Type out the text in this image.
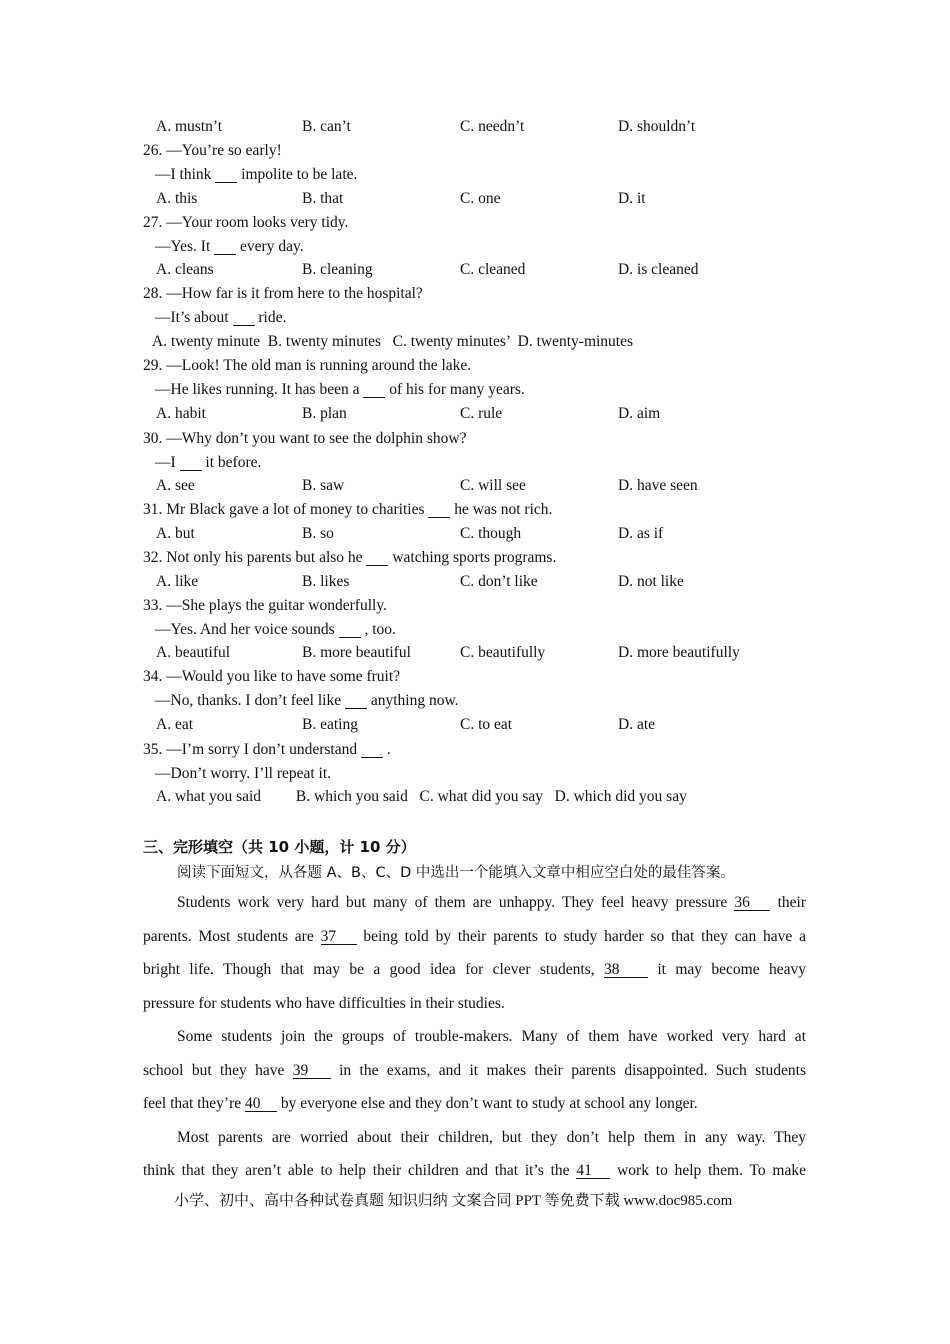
A. mustn’t	B. can’t	C. needn’t	D. shouldn’t
26. —You’re so early!
—I think   impolite to be late.
A. this	B. that	C. one	D. it
27. —Your room looks very tidy.
—Yes. It   every day.
A. cleans	B. cleaning	C. cleaned	D. is cleaned
28. —How far is it from here to the hospital?
—It’s about   ride.
A. twenty minute  B. twenty minutes   C. twenty minutes’  D. twenty-minutes
29. —Look! The old man is running around the lake.
—He likes running. It has been a   of his for many years.
A. habit	B. plan	C. rule	D. aim
30. —Why don’t you want to see the dolphin show?
—I   it before.
A. see	B. saw	C. will see	D. have seen
31. Mr Black gave a lot of money to charities   he was not rich.
A. but	B. so	C. though	D. as if
32. Not only his parents but also he   watching sports programs.
A. like	B. likes	C. don’t like	D. not like
33. —She plays the guitar wonderfully.
—Yes. And her voice sounds   , too.
A. beautiful	B. more beautiful	C. beautifully	D. more beautifully
34. —Would you like to have some fruit?
—No, thanks. I don’t feel like   anything now.
A. eat	B. eating	C. to eat	D. ate
35. —I’m sorry I don’t understand   .
—Don’t worry. I’ll repeat it.
A. what you said         B. which you said   C. what did you say   D. which did you say
三、完形填空（共 10 小题，计 10 分）
阅读下面短文，从各题 A、B、C、D 中选出一个能填入文章中相应空白处的最佳答案。
Students work very hard but many of them are unhappy. They feel heavy pressure 36 their
parents. Most students are 37 being told by their parents to study harder so that they can have a
bright life. Though that may be a good idea for clever students, 38 it may become heavy
pressure for students who have difficulties in their studies.
Some students join the groups of trouble-makers. Many of them have worked very hard at
school but they have 39 in the exams, and it makes their parents disappointed. Such students
feel that they’re 40 by everyone else and they don’t want to study at school any longer.
Most parents are worried about their children, but they don’t help them in any way. They
think that they aren’t able to help their children and that it’s the 41 work to help them. To make
小学、初中、高中各种试卷真题 知识归纳 文案合同 PPT 等免费下载 www.doc985.com
